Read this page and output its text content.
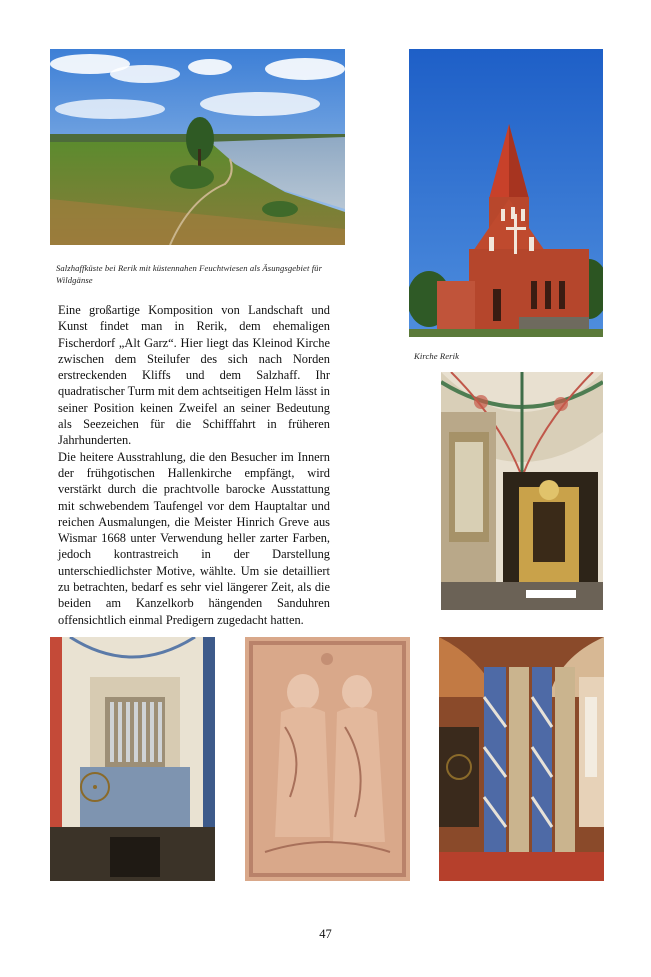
Salzhaffküste bei Rerik mit küstennahen Feuchtwiesen als Äsungsgebiet für Wildgänse
Kirche Rerik

Eine großartige Komposition von Landschaft und Kunst findet man in Rerik, dem ehemaligen Fischerdorf „Alt Garz“. Hier liegt das Kleinod Kirche zwischen dem Steilufer des sich nach Norden erstreckenden Kliffs und dem Salzhaff. Ihr quadratischer Turm mit dem achtseitigen Helm lässt in seiner Position keinen Zweifel an seiner Bedeutung als Seezeichen für die Schifffahrt in früheren Jahrhunderten.

Die heitere Ausstrahlung, die den Besucher im Innern der frühgotischen Hallenkirche empfängt, wird verstärkt durch die prachtvolle barocke Ausstattung mit schwebendem Taufengel vor dem Hauptaltar und reichen Ausmalungen, die Meister Hinrich Greve aus Wismar 1668 unter Verwendung heller zarter Farben, jedoch kontrastreich in der Darstellung unterschiedlichster Motive, wählte. Um sie detailliert zu betrachten, bedarf es sehr viel längerer Zeit, als die beiden am Kanzelkorb hängenden Sanduhren offensichtlich einmal Predigern zugedacht hatten.

47
